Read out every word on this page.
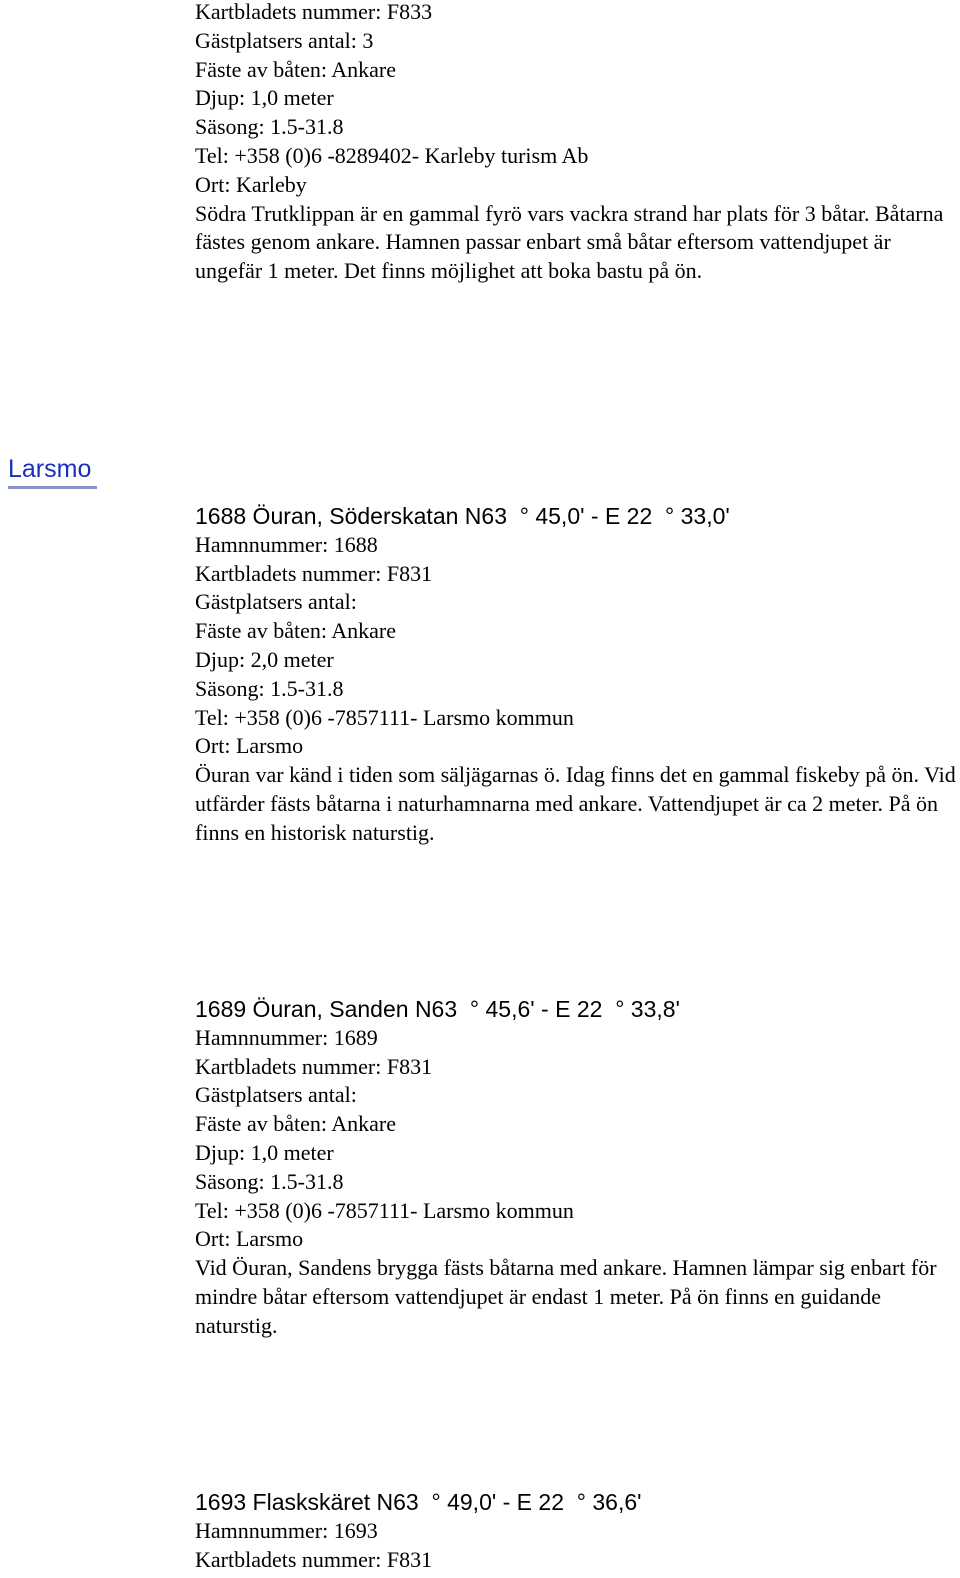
Kartbladets nummer: F833
Gästplatsers antal: 3
Fäste av båten: Ankare
Djup: 1,0 meter
Säsong: 1.5-31.8
Tel: +358 (0)6 -8289402- Karleby turism Ab
Ort: Karleby
Södra Trutklippan är en gammal fyrö vars vackra strand har plats för 3 båtar. Båtarna fästes genom ankare. Hamnen passar enbart små båtar eftersom vattendjupet är ungefär 1 meter. Det finns möjlighet att boka bastu på ön.
Larsmo
1688 Öuran, Söderskatan N63  ° 45,0' - E 22  ° 33,0'
Hamnnummer: 1688
Kartbladets nummer: F831
Gästplatsers antal:
Fäste av båten: Ankare
Djup: 2,0 meter
Säsong: 1.5-31.8
Tel: +358 (0)6 -7857111- Larsmo kommun
Ort: Larsmo
Öuran var känd i tiden som säljägarnas ö. Idag finns det en gammal fiskeby på ön. Vid utfärder fästs båtarna i naturhamnarna med ankare. Vattendjupet är ca 2 meter. På ön finns en historisk naturstig.
1689 Öuran, Sanden N63  ° 45,6' - E 22  ° 33,8'
Hamnnummer: 1689
Kartbladets nummer: F831
Gästplatsers antal:
Fäste av båten: Ankare
Djup: 1,0 meter
Säsong: 1.5-31.8
Tel: +358 (0)6 -7857111- Larsmo kommun
Ort: Larsmo
Vid Öuran, Sandens brygga fästs båtarna med ankare. Hamnen lämpar sig enbart för mindre båtar eftersom vattendjupet är endast 1 meter. På ön finns en guidande naturstig.
1693 Flaskskäret N63  ° 49,0' - E 22  ° 36,6'
Hamnnummer: 1693
Kartbladets nummer: F831
